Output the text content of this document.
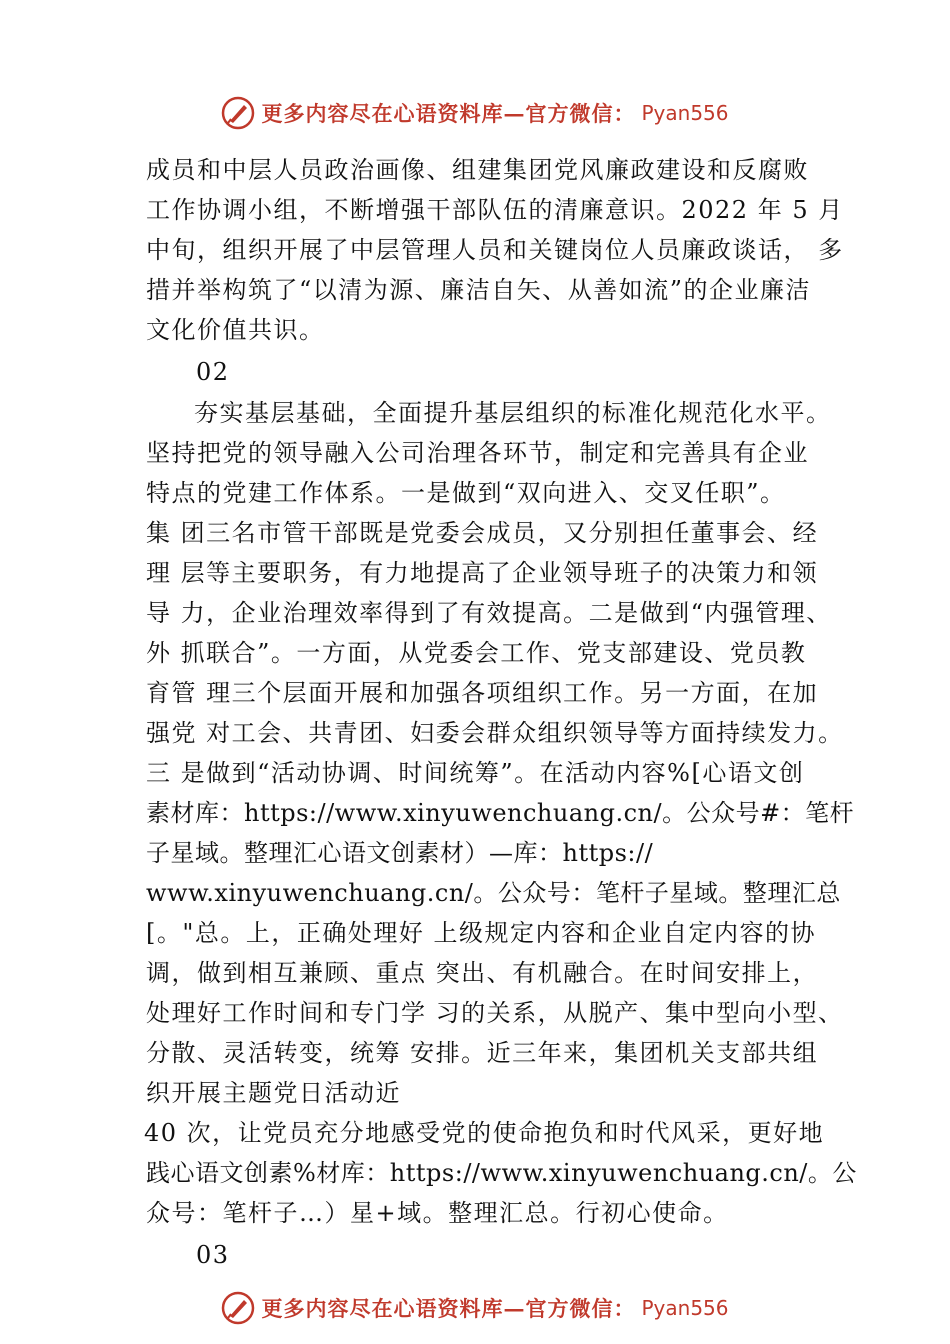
更多内容尽在心语资料库—官方微信： Pyan556
成员和中层人员政治画像、组建集团党风廉政建设和反腐败
工作协调小组，不断增强干部队伍的清廉意识。2022 年 5 月
中旬，组织开展了中层管理人员和关键岗位人员廉政谈话， 多
措并举构筑了“以清为源、廉洁自矢、从善如流”的企业廉洁
文化价值共识。
02
夯实基层基础，全面提升基层组织的标准化规范化水平。
坚持把党的领导融入公司治理各环节，制定和完善具有企业
特点的党建工作体系。一是做到“双向进入、交叉任职”。
集 团三名市管干部既是党委会成员，又分别担任董事会、经
理 层等主要职务，有力地提高了企业领导班子的决策力和领
导 力，企业治理效率得到了有效提高。二是做到“内强管理、
外 抓联合”。一方面，从党委会工作、党支部建设、党员教
育管 理三个层面开展和加强各项组织工作。另一方面，在加
强党 对工会、共青团、妇委会群众组织领导等方面持续发力。
三 是做到“活动协调、时间统筹”。在活动内容%[心语文创
素材库：https://www.xinyuwenchuang.cn/。公众号#：笔杆
子星域。整理汇心语文创素材）—库：https://
www.xinyuwenchuang.cn/。公众号：笔杆子星域。整理汇总
[。"总。上，正确处理好 上级规定内容和企业自定内容的协
调，做到相互兼顾、重点 突出、有机融合。在时间安排上，
处理好工作时间和专门学 习的关系，从脱产、集中型向小型、
分散、灵活转变，统筹 安排。近三年来，集团机关支部共组
织开展主题党日活动近
40 次，让党员充分地感受党的使命抱负和时代风采，更好地
践心语文创素%材库：https://www.xinyuwenchuang.cn/。公
众号：笔杆子…）星+域。整理汇总。行初心使命。
03
更多内容尽在心语资料库—官方微信： Pyan556
